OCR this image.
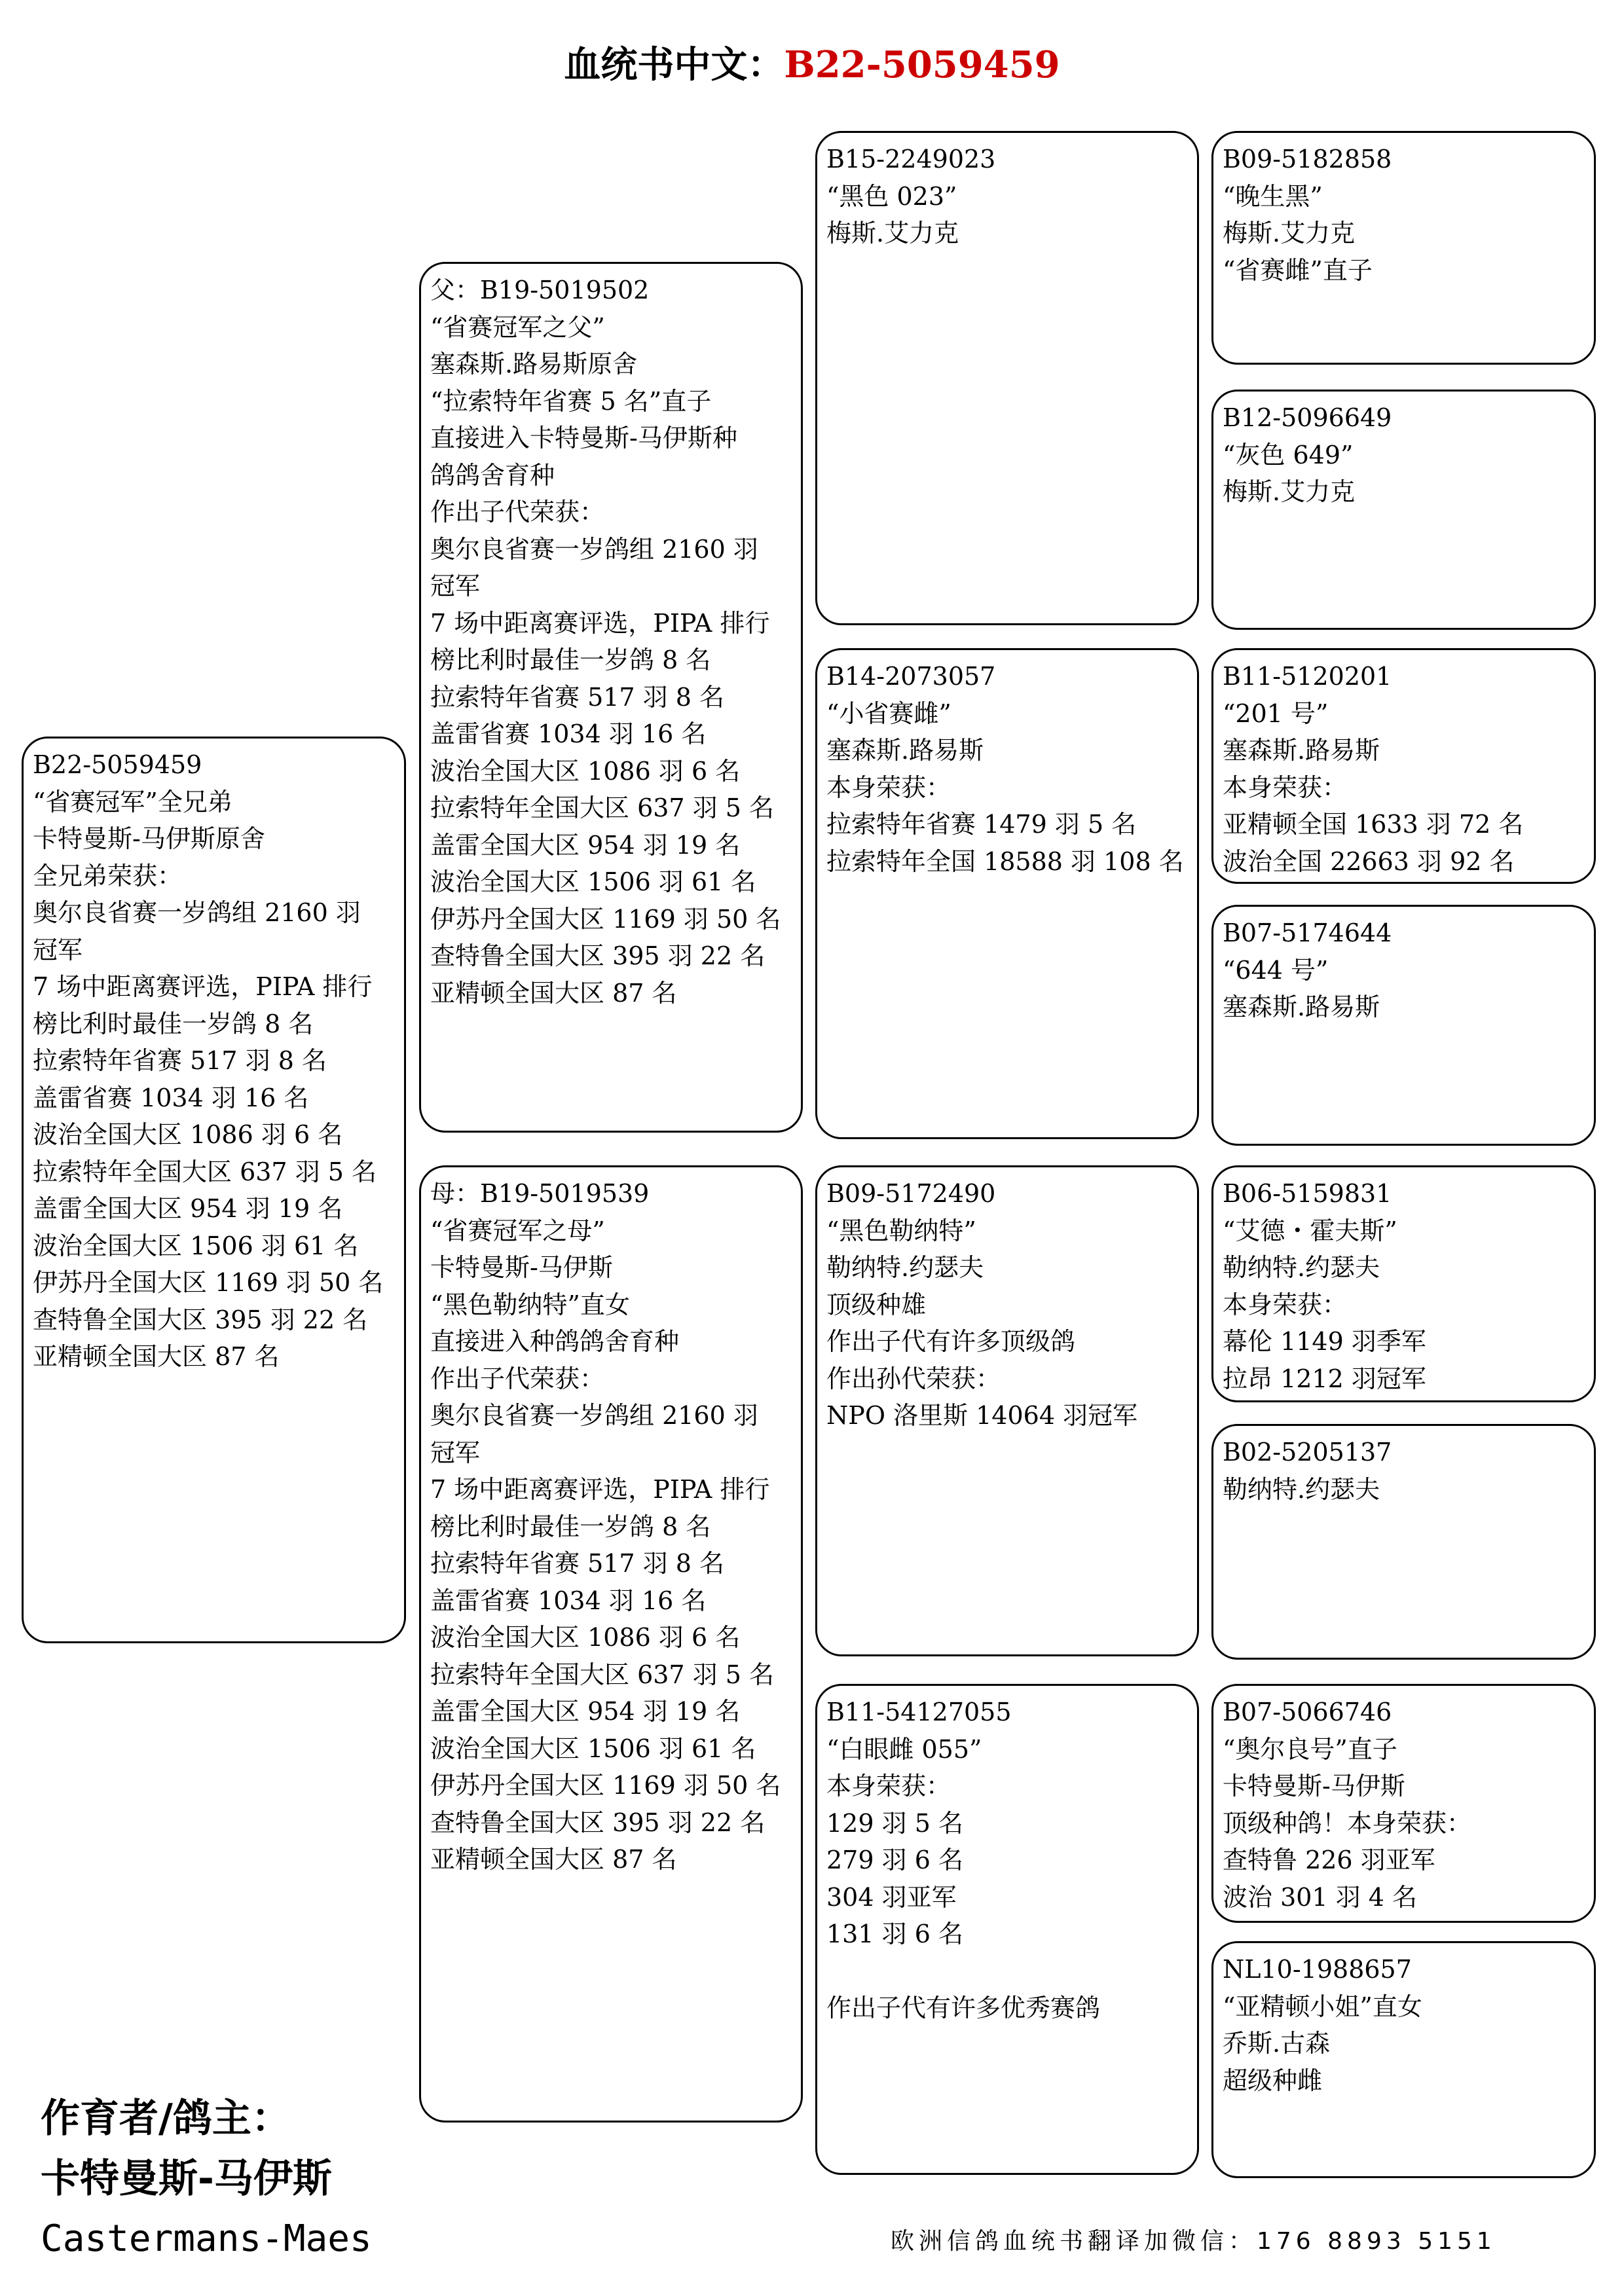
血统书中文：B22-5059459
B22-5059459
“省赛冠军”全兄弟
卡特曼斯-马伊斯原舍
全兄弟荣获：
奥尔良省赛一岁鸽组 2160 羽
冠军
7 场中距离赛评选，PIPA 排行
榜比利时最佳一岁鸽 8 名
拉索特年省赛 517 羽 8 名
盖雷省赛 1034 羽 16 名
波治全国大区 1086 羽 6 名
拉索特年全国大区 637 羽 5 名
盖雷全国大区 954 羽 19 名
波治全国大区 1506 羽 61 名
伊苏丹全国大区 1169 羽 50 名
查特鲁全国大区 395 羽 22 名
亚精顿全国大区 87 名
父：B19-5019502
“省赛冠军之父”
塞森斯.路易斯原舍
“拉索特年省赛 5 名”直子
直接进入卡特曼斯-马伊斯种
鸽鸽舍育种
作出子代荣获：
奥尔良省赛一岁鸽组 2160 羽
冠军
7 场中距离赛评选，PIPA 排行
榜比利时最佳一岁鸽 8 名
拉索特年省赛 517 羽 8 名
盖雷省赛 1034 羽 16 名
波治全国大区 1086 羽 6 名
拉索特年全国大区 637 羽 5 名
盖雷全国大区 954 羽 19 名
波治全国大区 1506 羽 61 名
伊苏丹全国大区 1169 羽 50 名
查特鲁全国大区 395 羽 22 名
亚精顿全国大区 87 名
母：B19-5019539
“省赛冠军之母”
卡特曼斯-马伊斯
“黑色勒纳特”直女
直接进入种鸽鸽舍育种
作出子代荣获：
奥尔良省赛一岁鸽组 2160 羽
冠军
7 场中距离赛评选，PIPA 排行
榜比利时最佳一岁鸽 8 名
拉索特年省赛 517 羽 8 名
盖雷省赛 1034 羽 16 名
波治全国大区 1086 羽 6 名
拉索特年全国大区 637 羽 5 名
盖雷全国大区 954 羽 19 名
波治全国大区 1506 羽 61 名
伊苏丹全国大区 1169 羽 50 名
查特鲁全国大区 395 羽 22 名
亚精顿全国大区 87 名
B15-2249023
“黑色 023”
梅斯.艾力克
B14-2073057
“小省赛雌”
塞森斯.路易斯
本身荣获：
拉索特年省赛 1479 羽 5 名
拉索特年全国 18588 羽 108 名
B09-5172490
“黑色勒纳特”
勒纳特.约瑟夫
顶级种雄
作出子代有许多顶级鸽
作出孙代荣获：
NPO 洛里斯 14064 羽冠军
B11-54127055
“白眼雌 055”
本身荣获：
129 羽 5 名
279 羽 6 名
304 羽亚军
131 羽 6 名

作出子代有许多优秀赛鸽
B09-5182858
“晚生黑”
梅斯.艾力克
“省赛雌”直子
B12-5096649
“灰色 649”
梅斯.艾力克
B11-5120201
“201 号”
塞森斯.路易斯
本身荣获：
亚精顿全国 1633 羽 72 名
波治全国 22663 羽 92 名
B07-5174644
“644 号”
塞森斯.路易斯
B06-5159831
“艾德・霍夫斯”
勒纳特.约瑟夫
本身荣获：
幕伦 1149 羽季军
拉昂 1212 羽冠军
B02-5205137
勒纳特.约瑟夫
B07-5066746
“奥尔良号”直子
卡特曼斯-马伊斯
顶级种鸽！本身荣获：
查特鲁 226 羽亚军
波治 301 羽 4 名
NL10-1988657
“亚精顿小姐”直女
乔斯.古森
超级种雌
作育者/鸽主：
卡特曼斯-马伊斯
Castermans-Maes	欧洲信鸽血统书翻译加微信：176 8893 5151
